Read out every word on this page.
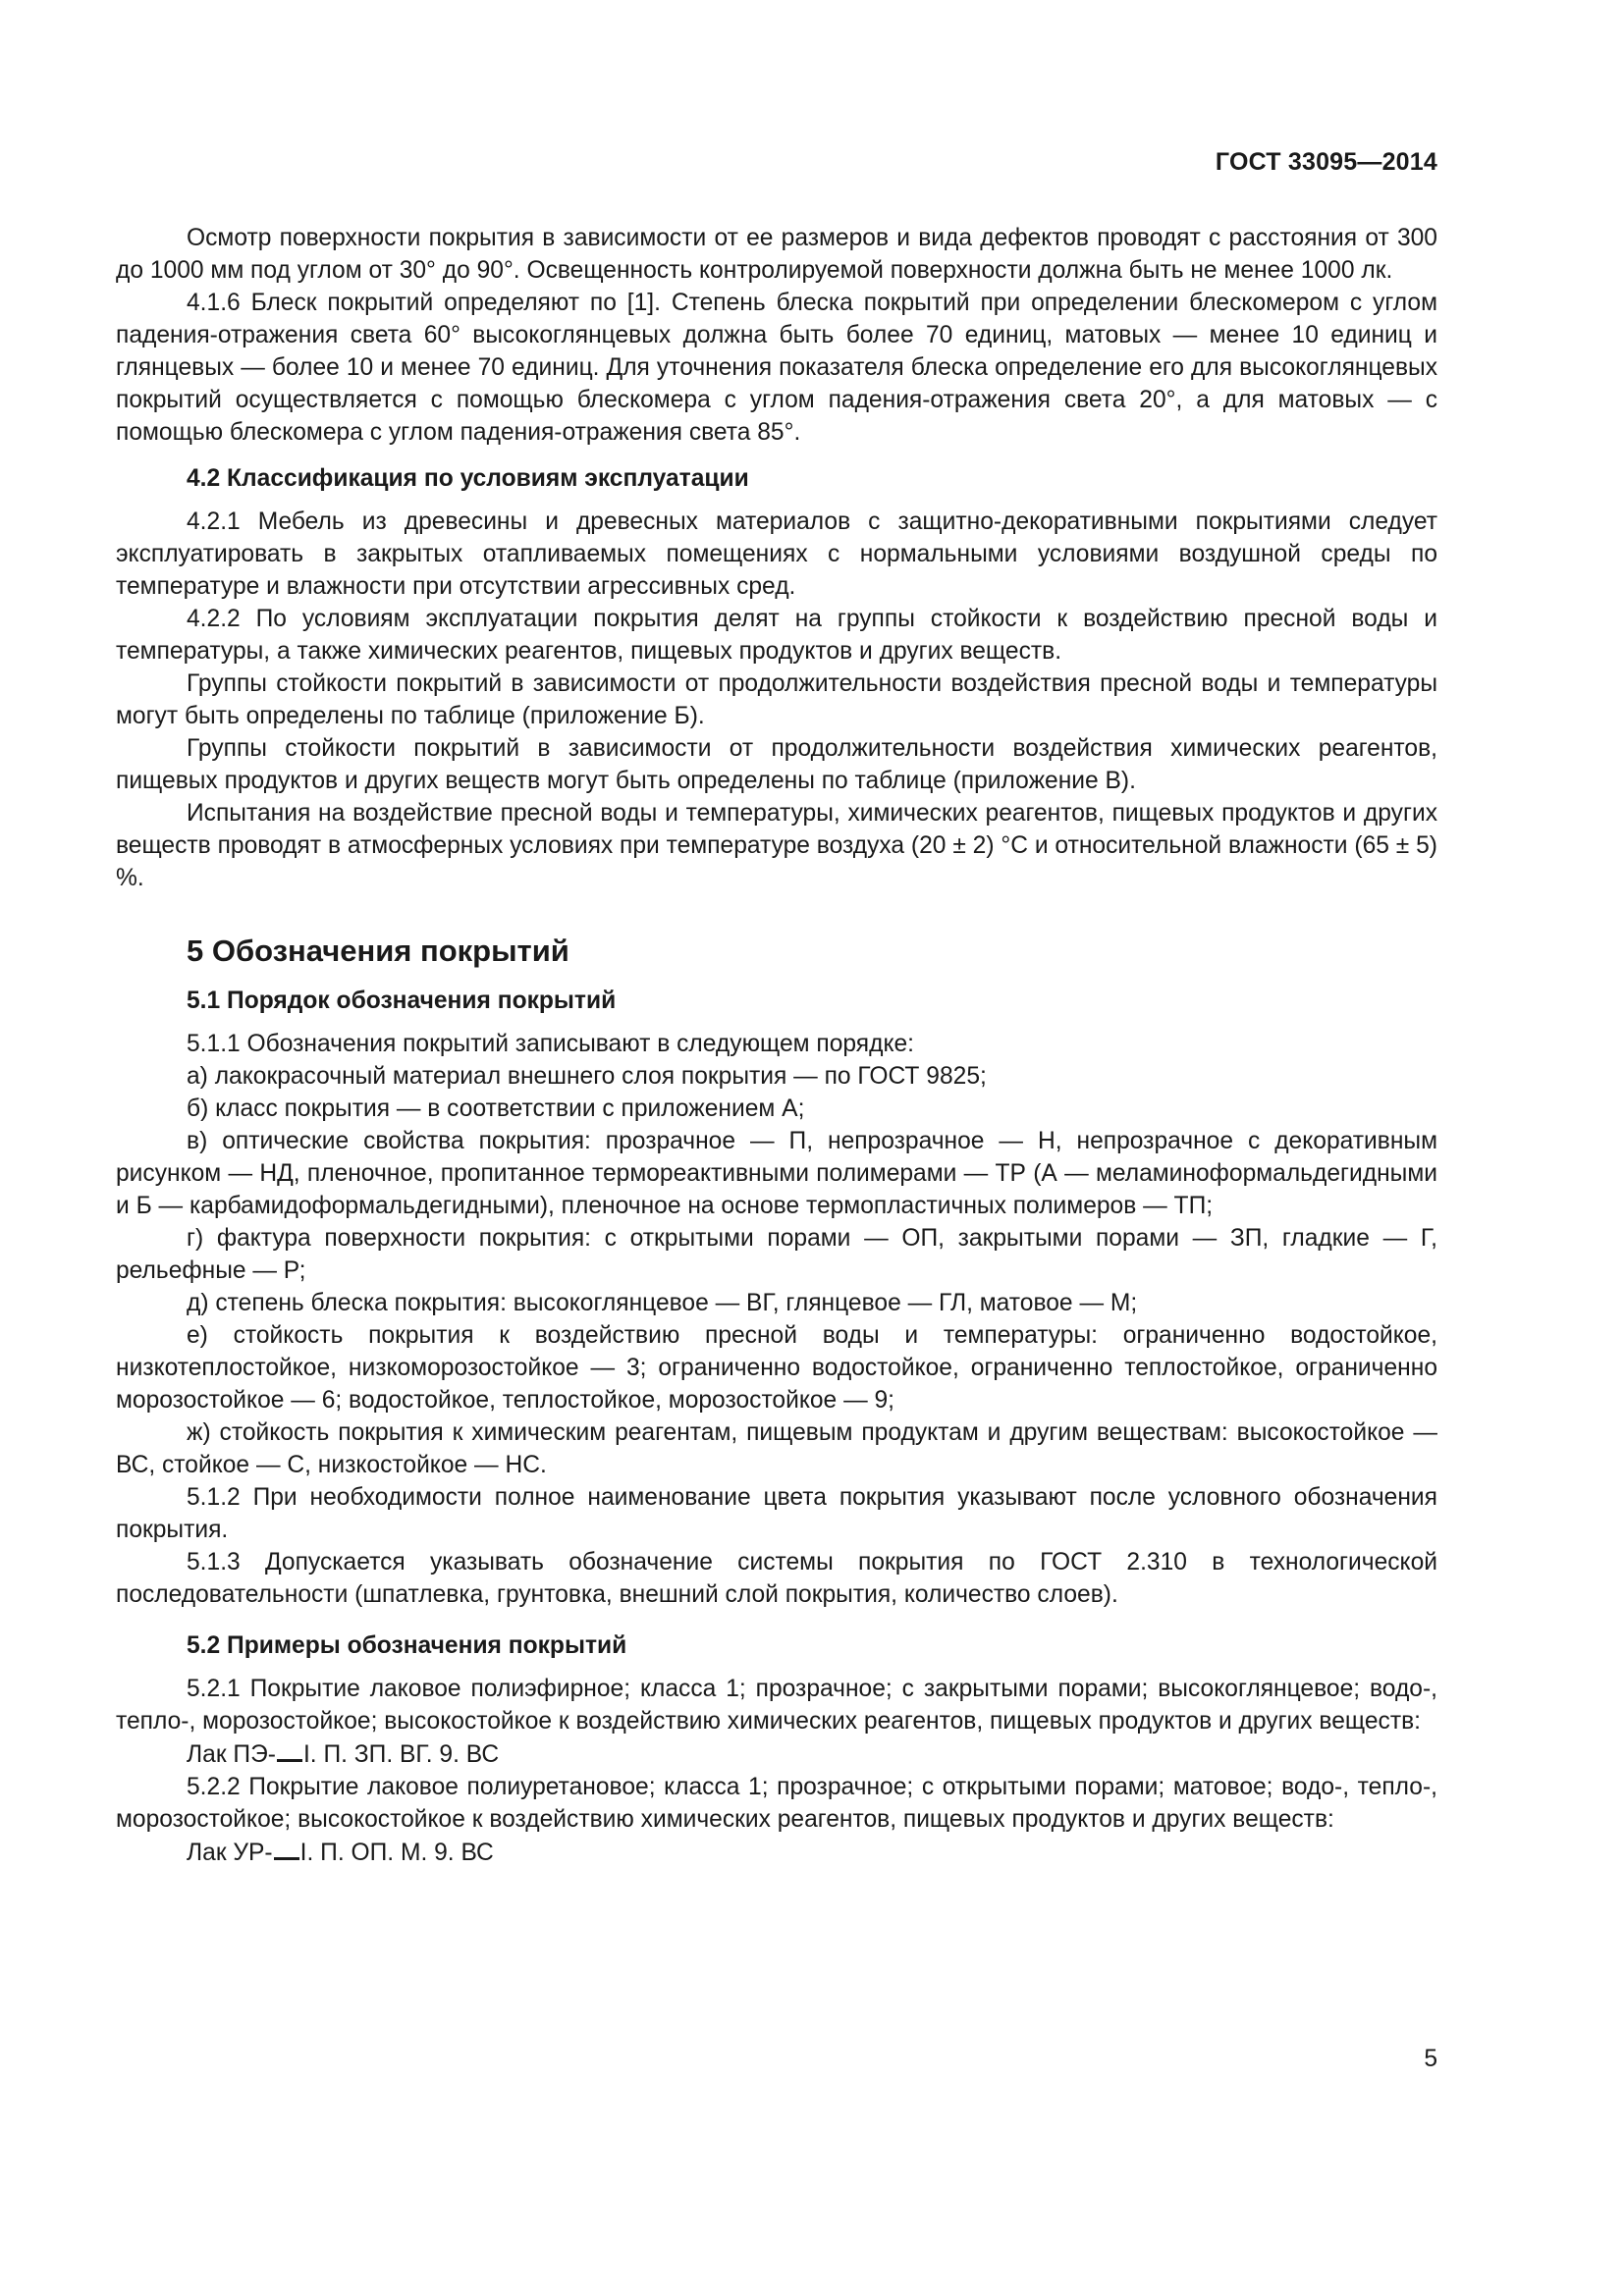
ГОСТ 33095—2014

Осмотр поверхности покрытия в зависимости от ее размеров и вида дефектов проводят с расстояния от 300 до 1000 мм под углом от 30° до 90°. Освещенность контролируемой поверхности должна быть не менее 1000 лк.

4.1.6 Блеск покрытий определяют по [1]. Степень блеска покрытий при определении блескомером с углом падения-отражения света 60° высокоглянцевых должна быть более 70 единиц, матовых — менее 10 единиц и глянцевых — более 10 и менее 70 единиц. Для уточнения показателя блеска определение его для высокоглянцевых покрытий осуществляется с помощью блескомера с углом падения-отражения света 20°, а для матовых — с помощью блескомера с углом падения-отражения света 85°.

4.2 Классификация по условиям эксплуатации

4.2.1 Мебель из древесины и древесных материалов с защитно-декоративными покрытиями следует эксплуатировать в закрытых отапливаемых помещениях с нормальными условиями воздушной среды по температуре и влажности при отсутствии агрессивных сред.

4.2.2 По условиям эксплуатации покрытия делят на группы стойкости к воздействию пресной воды и температуры, а также химических реагентов, пищевых продуктов и других веществ.

Группы стойкости покрытий в зависимости от продолжительности воздействия пресной воды и температуры могут быть определены по таблице (приложение Б).

Группы стойкости покрытий в зависимости от продолжительности воздействия химических реагентов, пищевых продуктов и других веществ могут быть определены по таблице (приложение В).

Испытания на воздействие пресной воды и температуры, химических реагентов, пищевых продуктов и других веществ проводят в атмосферных условиях при температуре воздуха (20 ± 2) °С и относительной влажности (65 ± 5) %.

5 Обозначения покрытий

5.1 Порядок обозначения покрытий

5.1.1 Обозначения покрытий записывают в следующем порядке:

а) лакокрасочный материал внешнего слоя покрытия — по ГОСТ 9825;

б) класс покрытия — в соответствии с приложением А;

в) оптические свойства покрытия: прозрачное — П, непрозрачное — Н, непрозрачное с декоративным рисунком — НД, пленочное, пропитанное термореактивными полимерами — ТР (А — меламиноформальдегидными и Б — карбамидоформальдегидными), пленочное на основе термопластичных полимеров — ТП;

г) фактура поверхности покрытия: с открытыми порами — ОП, закрытыми порами — ЗП, гладкие — Г, рельефные — Р;

д) степень блеска покрытия: высокоглянцевое — ВГ, глянцевое — ГЛ, матовое — М;

е) стойкость покрытия к воздействию пресной воды и температуры: ограниченно водостойкое, низкотеплостойкое, низкоморозостойкое — 3; ограниченно водостойкое, ограниченно теплостойкое, ограниченно морозостойкое — 6; водостойкое, теплостойкое, морозостойкое — 9;

ж) стойкость покрытия к химическим реагентам, пищевым продуктам и другим веществам: высокостойкое — ВС, стойкое — С, низкостойкое — НС.

5.1.2 При необходимости полное наименование цвета покрытия указывают после условного обозначения покрытия.

5.1.3 Допускается указывать обозначение системы покрытия по ГОСТ 2.310 в технологической последовательности (шпатлевка, грунтовка, внешний слой покрытия, количество слоев).

5.2 Примеры обозначения покрытий

5.2.1 Покрытие лаковое полиэфирное; класса 1; прозрачное; с закрытыми порами; высокоглянцевое; водо-, тепло-, морозостойкое; высокостойкое к воздействию химических реагентов, пищевых продуктов и других веществ:

Лак ПЭ- I. П. ЗП. ВГ. 9. ВС

5.2.2 Покрытие лаковое полиуретановое; класса 1; прозрачное; с открытыми порами; матовое; водо-, тепло-, морозостойкое; высокостойкое к воздействию химических реагентов, пищевых продуктов и других веществ:

Лак УР- I. П. ОП. М. 9. ВС

5
